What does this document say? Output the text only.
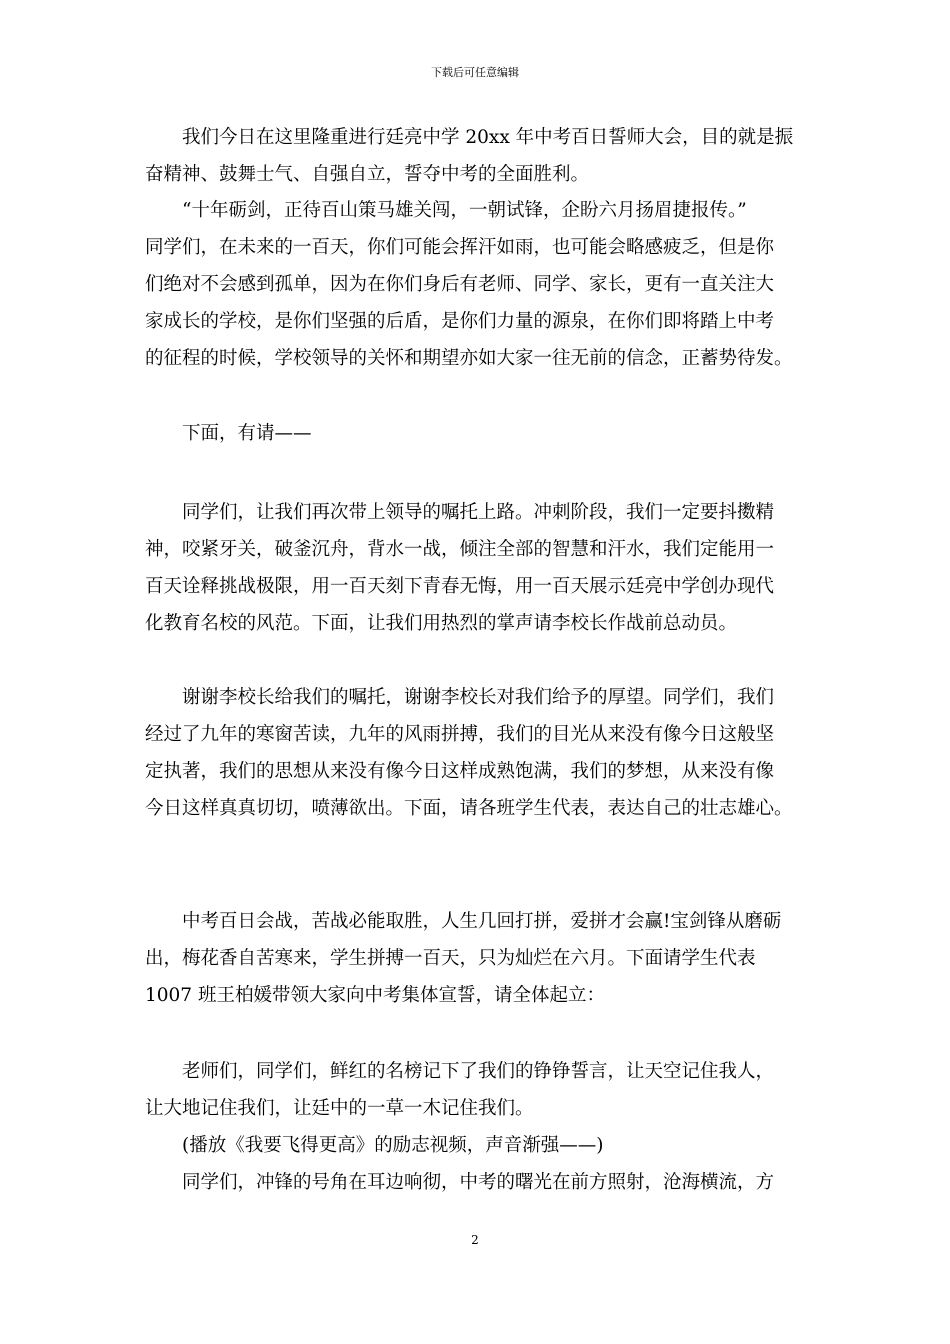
下载后可任意编辑
我们今日在这里隆重进行廷亮中学 20xx 年中考百日誓师大会，目的就是振
奋精神、鼓舞士气、自强自立，誓夺中考的全面胜利。
“十年砺剑，正待百山策马雄关闯，一朝试锋，企盼六月扬眉捷报传。”
同学们，在未来的一百天，你们可能会挥汗如雨，也可能会略感疲乏，但是你
们绝对不会感到孤单，因为在你们身后有老师、同学、家长，更有一直关注大
家成长的学校，是你们坚强的后盾，是你们力量的源泉，在你们即将踏上中考
的征程的时候，学校领导的关怀和期望亦如大家一往无前的信念，正蓄势待发。
下面，有请——
同学们，让我们再次带上领导的嘱托上路。冲刺阶段，我们一定要抖擞精
神，咬紧牙关，破釜沉舟，背水一战，倾注全部的智慧和汗水，我们定能用一
百天诠释挑战极限，用一百天刻下青春无悔，用一百天展示廷亮中学创办现代
化教育名校的风范。下面，让我们用热烈的掌声请李校长作战前总动员。
谢谢李校长给我们的嘱托，谢谢李校长对我们给予的厚望。同学们，我们
经过了九年的寒窗苦读，九年的风雨拼搏，我们的目光从来没有像今日这般坚
定执著，我们的思想从来没有像今日这样成熟饱满，我们的梦想，从来没有像
今日这样真真切切，喷薄欲出。下面，请各班学生代表，表达自己的壮志雄心。
中考百日会战，苦战必能取胜，人生几回打拼，爱拼才会赢!宝剑锋从磨砺
出，梅花香自苦寒来，学生拼搏一百天，只为灿烂在六月。下面请学生代表
1007 班王柏媛带领大家向中考集体宣誓，请全体起立：
老师们，同学们，鲜红的名榜记下了我们的铮铮誓言，让天空记住我人，
让大地记住我们，让廷中的一草一木记住我们。
(播放《我要飞得更高》的励志视频，声音渐强——)
同学们，冲锋的号角在耳边响彻，中考的曙光在前方照射，沧海横流，方
2
